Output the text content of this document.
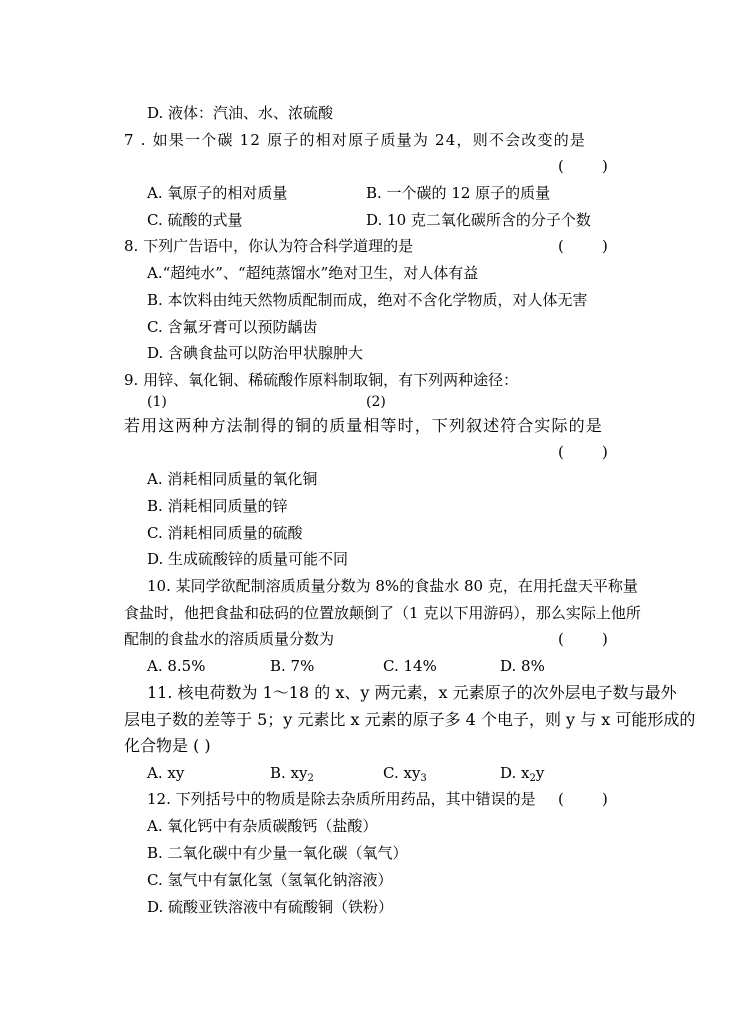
D. 液体：汽油、水、浓硫酸
7 . 如果一个碳 12 原子的相对原子质量为 24，则不会改变的是
(        )
A. 氧原子的相对质量	B. 一个碳的 12 原子的质量
C. 硫酸的式量	D. 10 克二氧化碳所含的分子个数
8. 下列广告语中，你认为符合科学道理的是	(        )
A.“超纯水”、“超纯蒸馏水”绝对卫生，对人体有益
B. 本饮料由纯天然物质配制而成，绝对不含化学物质，对人体无害
C. 含氟牙膏可以预防龋齿
D. 含碘食盐可以防治甲状腺肿大
9. 用锌、氧化铜、稀硫酸作原料制取铜，有下列两种途径：
(1)	(2)
若用这两种方法制得的铜的质量相等时，下列叙述符合实际的是
(        )
A. 消耗相同质量的氧化铜
B. 消耗相同质量的锌
C. 消耗相同质量的硫酸
D. 生成硫酸锌的质量可能不同
10. 某同学欲配制溶质质量分数为 8%的食盐水 80 克，在用托盘天平称量
食盐时，他把食盐和砝码的位置放颠倒了（1 克以下用游码），那么实际上他所
配制的食盐水的溶质质量分数为	(        )
A. 8.5%	B. 7%	C. 14%	D. 8%
11. 核电荷数为 1～18 的 x、y 两元素，x 元素原子的次外层电子数与最外
层电子数的差等于 5；y 元素比 x 元素的原子多 4 个电子，则 y 与 x 可能形成的
化合物是 ( )
A. xy	B. $xy_2$	C. $xy_3$	D. $x_2y$
12. 下列括号中的物质是除去杂质所用药品，其中错误的是 (        )
A. 氧化钙中有杂质碳酸钙（盐酸）
B. 二氧化碳中有少量一氧化碳（氧气）
C. 氢气中有氯化氢（氢氧化钠溶液）
D. 硫酸亚铁溶液中有硫酸铜（铁粉）
